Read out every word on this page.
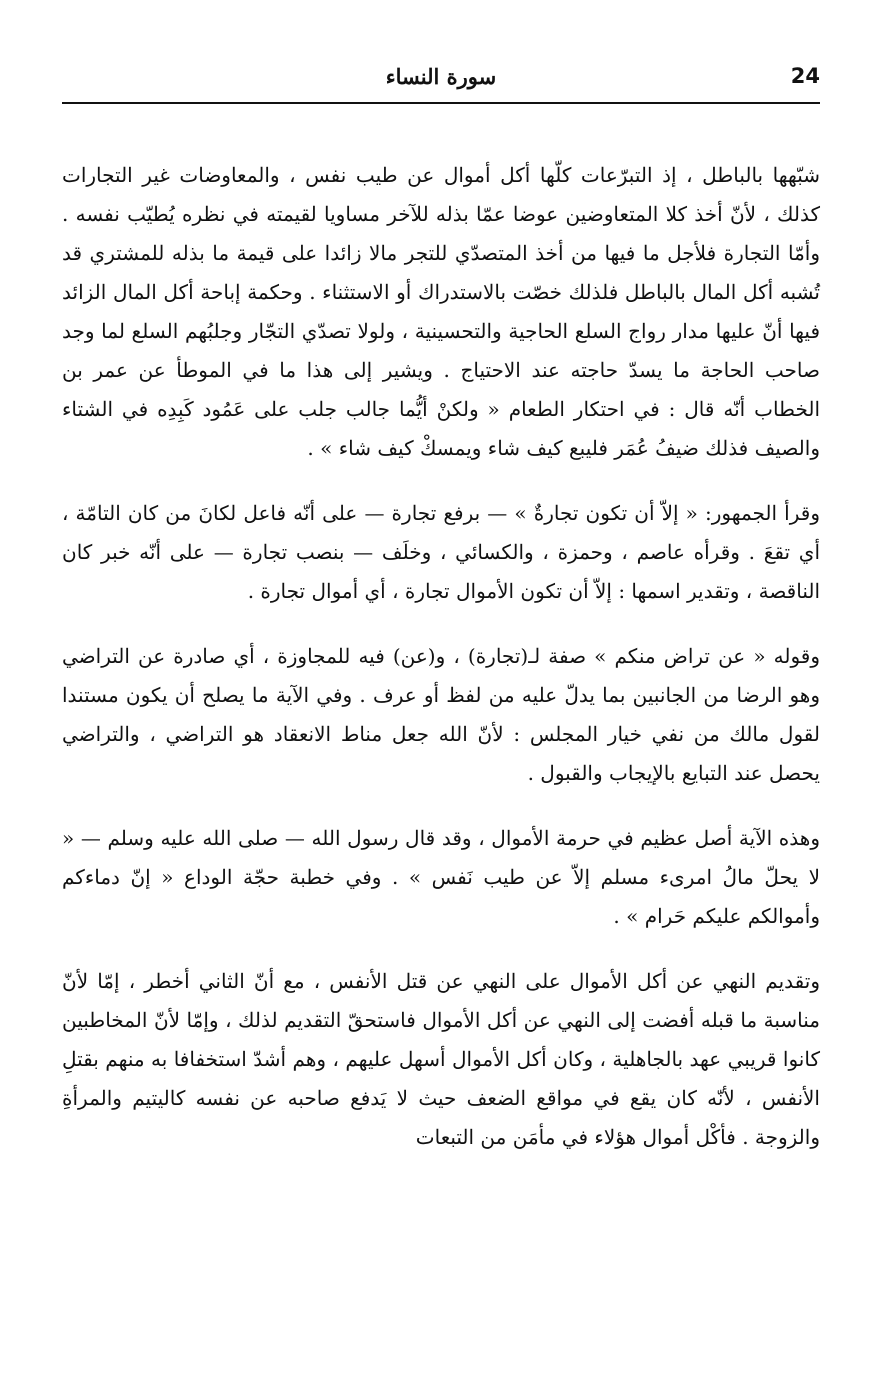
24
سورة النساء

شبّهها بالباطل ، إذ التبرّعات كلّها أكل أموال عن طيب نفس ، والمعاوضات غير التجارات كذلك ، لأنّ أخذ كلا المتعاوضين عوضا عمّا بذله للآخر مساويا لقيمته في نظره يُطيّب نفسه . وأمّا التجارة فلأجل ما فيها من أخذ المتصدّي للتجر مالا زائدا على قيمة ما بذله للمشتري قد تُشبه أكل المال بالباطل فلذلك خصّت بالاستدراك أو الاستثناء . وحكمة إباحة أكل المال الزائد فيها أنّ عليها مدار رواج السلع الحاجية والتحسينية ، ولولا تصدّي التجّار وجلبُهم السلع لما وجد صاحب الحاجة ما يسدّ حاجته عند الاحتياج . ويشير إلى هذا ما في الموطأ عن عمر بن الخطاب أنّه قال : في احتكار الطعام « ولكنْ أيُّما جالب جلب على عَمُود كَبِدِه في الشتاء والصيف فذلك ضيفُ عُمَر فليبع كيف شاء ويمسكْ كيف شاء » .

وقرأ الجمهور: « إلاّ أن تكون تجارةٌ » — برفع تجارة — على أنّه فاعل لكانَ من كان التامّة ، أي تقعَ . وقرأه عاصم ، وحمزة ، والكسائي ، وخلَف — بنصب تجارة — على أنّه خبر كان الناقصة ، وتقدير اسمها : إلاّ أن تكون الأموال تجارة ، أي أموال تجارة .

وقوله « عن تراض منكم » صفة لـ(تجارة) ، و(عن) فيه للمجاوزة ، أي صادرة عن التراضي وهو الرضا من الجانبين بما يدلّ عليه من لفظ أو عرف . وفي الآية ما يصلح أن يكون مستندا لقول مالك من نفي خيار المجلس : لأنّ الله جعل مناط الانعقاد هو التراضي ، والتراضي يحصل عند التبايع بالإيجاب والقبول .

وهذه الآية أصل عظيم في حرمة الأموال ، وقد قال رسول الله — صلى الله عليه وسلم — « لا يحلّ مالُ امرىء مسلم إلاّ عن طيب نَفس » . وفي خطبة حجّة الوداع « إنّ دماءكم وأموالكم عليكم حَرام » .

وتقديم النهي عن أكل الأموال على النهي عن قتل الأنفس ، مع أنّ الثاني أخطر ، إمّا لأنّ مناسبة ما قبله أفضت إلى النهي عن أكل الأموال فاستحقّ التقديم لذلك ، وإمّا لأنّ المخاطبين كانوا قريبي عهد بالجاهلية ، وكان أكل الأموال أسهل عليهم ، وهم أشدّ استخفافا به منهم بقتلِ الأنفس ، لأنّه كان يقع في مواقع الضعف حيث لا يَدفع صاحبه عن نفسه كاليتيم والمرأةِ والزوجة . فأكْل أموال هؤلاء في مأمَن من التبعات
